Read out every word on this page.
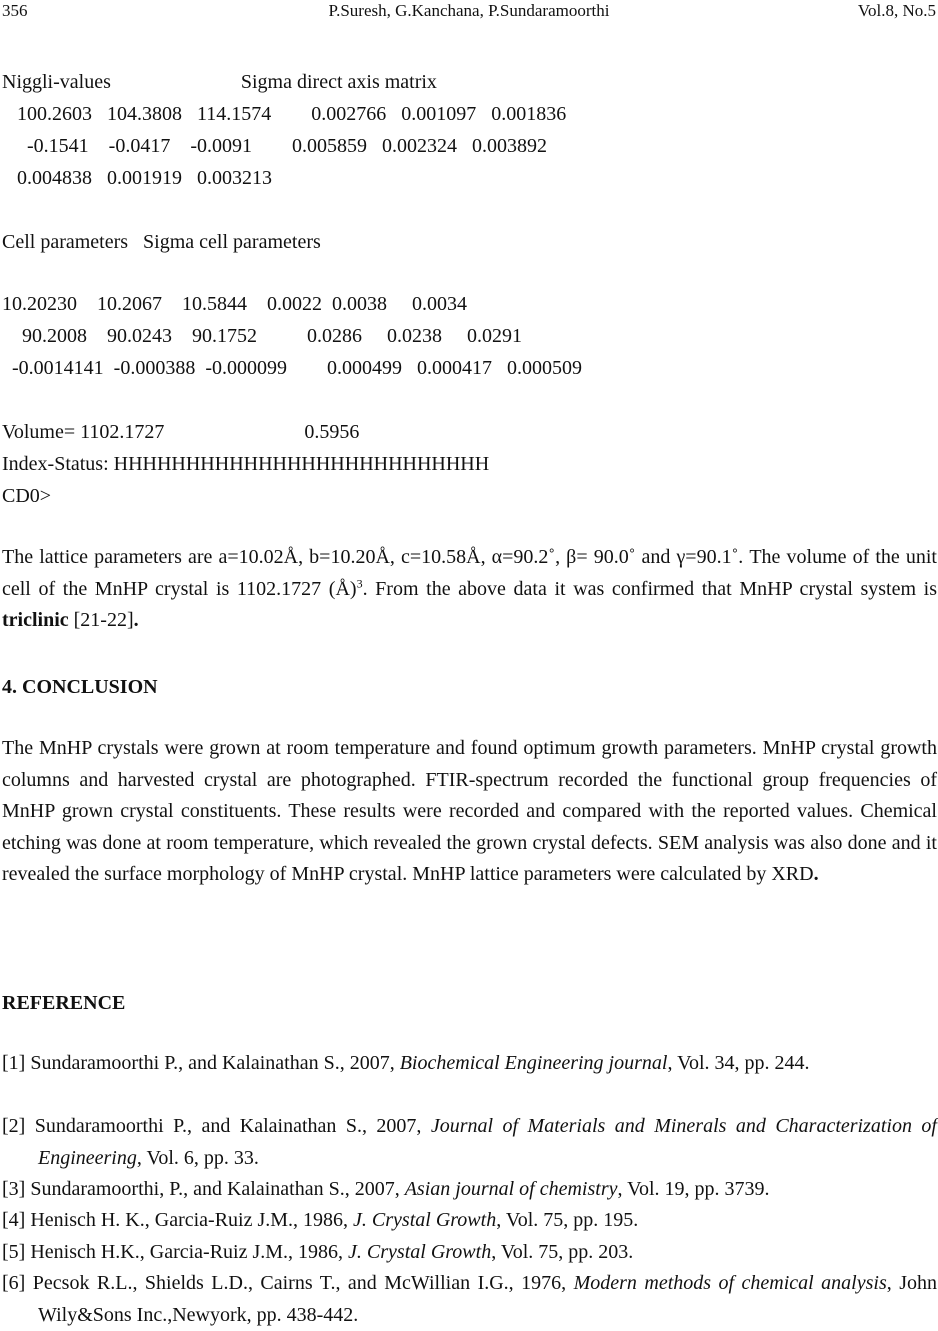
356	P.Suresh, G.Kanchana, P.Sundaramoorthi	Vol.8, No.5
Niggli-values                          Sigma direct axis matrix
100.2603   104.3808   114.1574        0.002766   0.001097   0.001836
-0.1541    -0.0417    -0.0091        0.005859   0.002324   0.003892
0.004838   0.001919   0.003213
Cell parameters   Sigma cell parameters
10.20230    10.2067    10.5844    0.0022  0.0038     0.0034
90.2008    90.0243    90.1752          0.0286     0.0238     0.0291
-0.0014141  -0.000388  -0.000099        0.000499   0.000417   0.000509
Volume= 1102.1727                            0.5956
Index-Status: HHHHHHHHHHHHHHHHHHHHHHHHHH
CD0>
The lattice parameters are a=10.02Å, b=10.20Å, c=10.58Å, α=90.2˚, β= 90.0˚ and γ=90.1˚. The volume of the unit cell of the MnHP crystal is 1102.1727 (Å)$^3$. From the above data it was confirmed that MnHP crystal system is triclinic [21-22].
4. CONCLUSION
The MnHP crystals were grown at room temperature and found optimum growth parameters. MnHP crystal growth columns and harvested crystal are photographed. FTIR-spectrum recorded the functional group frequencies of MnHP grown crystal constituents. These results were recorded and compared with the reported values. Chemical etching was done at room temperature, which revealed the grown crystal defects. SEM analysis was also done and it revealed the surface morphology of MnHP crystal. MnHP lattice parameters were calculated by XRD.
REFERENCE
[1] Sundaramoorthi P., and Kalainathan S., 2007, Biochemical Engineering journal, Vol. 34, pp. 244.
[2] Sundaramoorthi P., and Kalainathan S., 2007, Journal of Materials and Minerals and Characterization of Engineering, Vol. 6, pp. 33.
[3] Sundaramoorthi, P., and Kalainathan S., 2007, Asian journal of chemistry, Vol. 19, pp. 3739.
[4] Henisch H. K., Garcia-Ruiz J.M., 1986, J. Crystal Growth, Vol. 75, pp. 195.
[5] Henisch H.K., Garcia-Ruiz J.M., 1986, J. Crystal Growth, Vol. 75, pp. 203.
[6] Pecsok R.L., Shields L.D., Cairns T., and McWillian I.G., 1976, Modern methods of chemical analysis, John Wily&Sons Inc.,Newyork, pp. 438-442.
